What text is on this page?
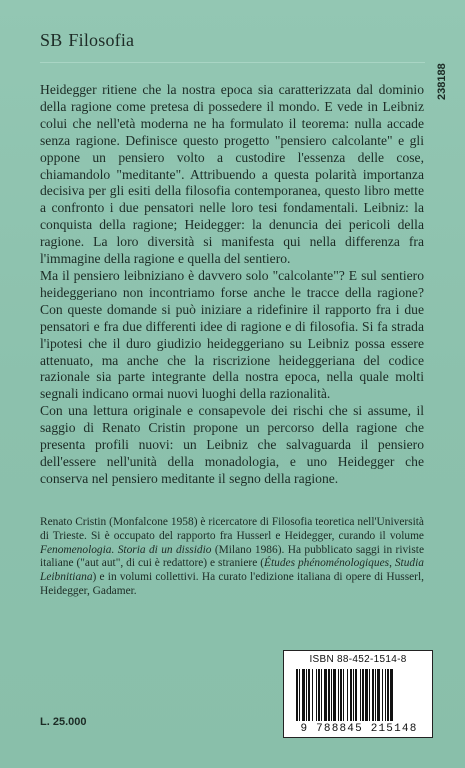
SB Filosofia
238188

Heidegger ritiene che la nostra epoca sia caratterizzata dal dominio della ragione come pretesa di possedere il mondo. E vede in Leibniz colui che nell'età moderna ne ha formulato il teorema: nulla accade senza ragione. Definisce questo progetto "pensiero calcolante" e gli oppone un pensiero volto a custodire l'essenza delle cose, chiamandolo "meditante". Attribuendo a questa polarità importanza decisiva per gli esiti della filosofia contemporanea, questo libro mette a confronto i due pensatori nelle loro tesi fondamentali. Leibniz: la conquista della ragione; Heidegger: la denuncia dei pericoli della ragione. La loro diversità si manifesta qui nella differenza fra l'immagine della ragione e quella del sentiero.

Ma il pensiero leibniziano è davvero solo "calcolante"? E sul sentiero heideggeriano non incontriamo forse anche le tracce della ragione? Con queste domande si può iniziare a ridefinire il rapporto fra i due pensatori e fra due differenti idee di ragione e di filosofia. Si fa strada l'ipotesi che il duro giudizio heideggeriano su Leibniz possa essere attenuato, ma anche che la riscrizione heideggeriana del codice razionale sia parte integrante della nostra epoca, nella quale molti segnali indicano ormai nuovi luoghi della razionalità.

Con una lettura originale e consapevole dei rischi che si assume, il saggio di Renato Cristin propone un percorso della ragione che presenta profili nuovi: un Leibniz che salvaguarda il pensiero dell'essere nell'unità della monadologia, e uno Heidegger che conserva nel pensiero meditante il segno della ragione.

Renato Cristin (Monfalcone 1958) è ricercatore di Filosofia teoretica nell'Università di Trieste. Si è occupato del rapporto fra Husserl e Heidegger, curando il volume Fenomenologia. Storia di un dissidio (Milano 1986). Ha pubblicato saggi in riviste italiane ("aut aut", di cui è redattore) e straniere (Études phénoménologiques, Studia Leibnitiana) e in volumi collettivi. Ha curato l'edizione italiana di opere di Husserl, Heidegger, Gadamer.

ISBN 88-452-1514-8
9 788845 215148
L. 25.000
